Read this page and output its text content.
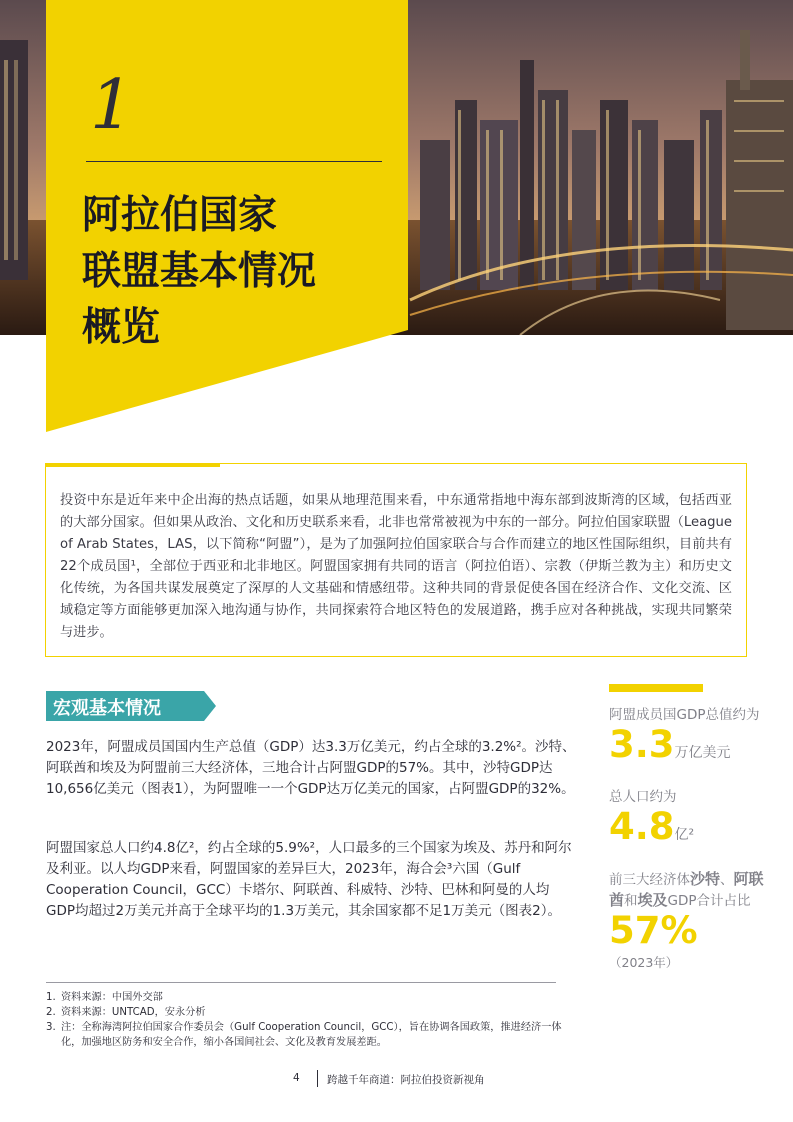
1
阿拉伯国家
联盟基本情况
概览
投资中东是近年来中企出海的热点话题，如果从地理范围来看，中东通常指地中海东部到波斯湾的区域，包括西亚的大部分国家。但如果从政治、文化和历史联系来看，北非也常常被视为中东的一部分。阿拉伯国家联盟（League of Arab States，LAS，以下简称“阿盟”），是为了加强阿拉伯国家联合与合作而建立的地区性国际组织，目前共有22个成员国¹，全部位于西亚和北非地区。阿盟国家拥有共同的语言（阿拉伯语）、宗教（伊斯兰教为主）和历史文化传统，为各国共谋发展奠定了深厚的人文基础和情感纽带。这种共同的背景促使各国在经济合作、文化交流、区域稳定等方面能够更加深入地沟通与协作，共同探索符合地区特色的发展道路，携手应对各种挑战，实现共同繁荣与进步。
宏观基本情况
2023年，阿盟成员国国内生产总值（GDP）达3.3万亿美元，约占全球的3.2%²。沙特、阿联酋和埃及为阿盟前三大经济体，三地合计占阿盟GDP的57%。其中，沙特GDP达10,656亿美元（图表1），为阿盟唯一一个GDP达万亿美元的国家，占阿盟GDP的32%。
阿盟国家总人口约4.8亿²，约占全球的5.9%²，人口最多的三个国家为埃及、苏丹和阿尔及利亚。以人均GDP来看，阿盟国家的差异巨大，2023年，海合会³六国（Gulf Cooperation Council，GCC）卡塔尔、阿联酋、科威特、沙特、巴林和阿曼的人均GDP均超过2万美元并高于全球平均的1.3万美元，其余国家都不足1万美元（图表2）。
阿盟成员国GDP总值约为
3.3万亿美元
总人口约为
4.8亿²
前三大经济体沙特、阿联酋和埃及GDP合计占比
57%
（2023年）
1. 资料来源：中国外交部
2. 资料来源：UNTCAD，安永分析
3. 注：全称海湾阿拉伯国家合作委员会（Gulf Cooperation Council，GCC），旨在协调各国政策，推进经济一体化，加强地区防务和安全合作，缩小各国间社会、文化及教育发展差距。
4	跨越千年商道：阿拉伯投资新视角
